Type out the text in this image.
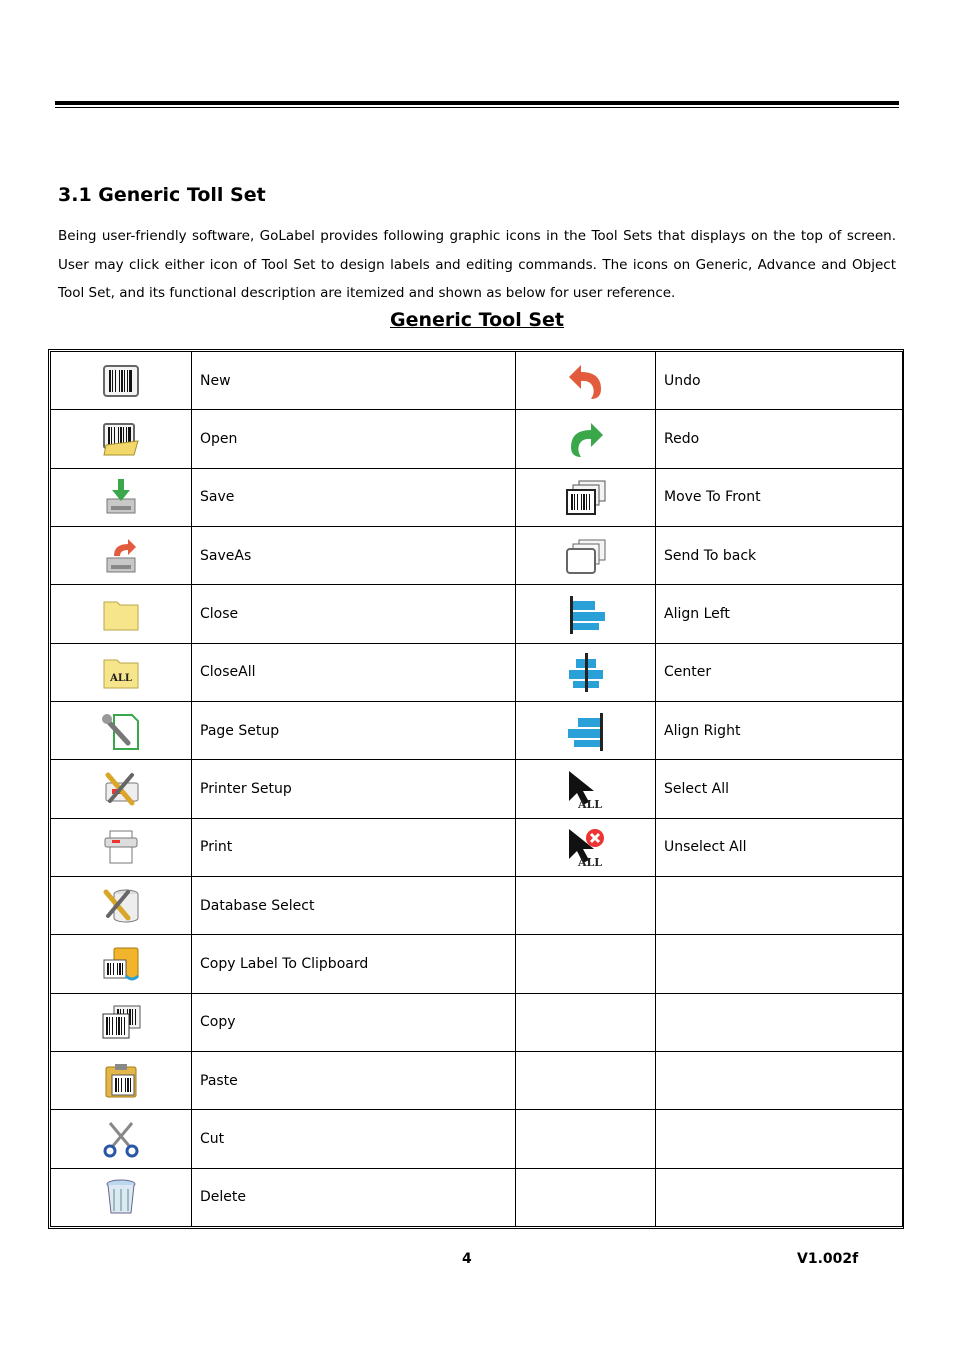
3.1 Generic Toll Set

Being user-friendly software, GoLabel provides following graphic icons in the Tool Sets that displays on the top of screen. User may click either icon of Tool Set to design labels and editing commands. The icons on Generic, Advance and Object Tool Set, and its functional description are itemized and shown as below for user reference.

Generic Tool Set
	New		Undo

	Open		Redo

	Save		Move To Front

	SaveAs		Send To back

	Close		Align Left

ALL	CloseAll		Center

	Page Setup		Align Right

	Printer Setup	ALL	Select All

	Print	ALL	Unselect All

	Database Select		

	Copy Label To Clipboard		

	Copy		

	Paste		

	Cut		

	Delete		

4	V1.002f
